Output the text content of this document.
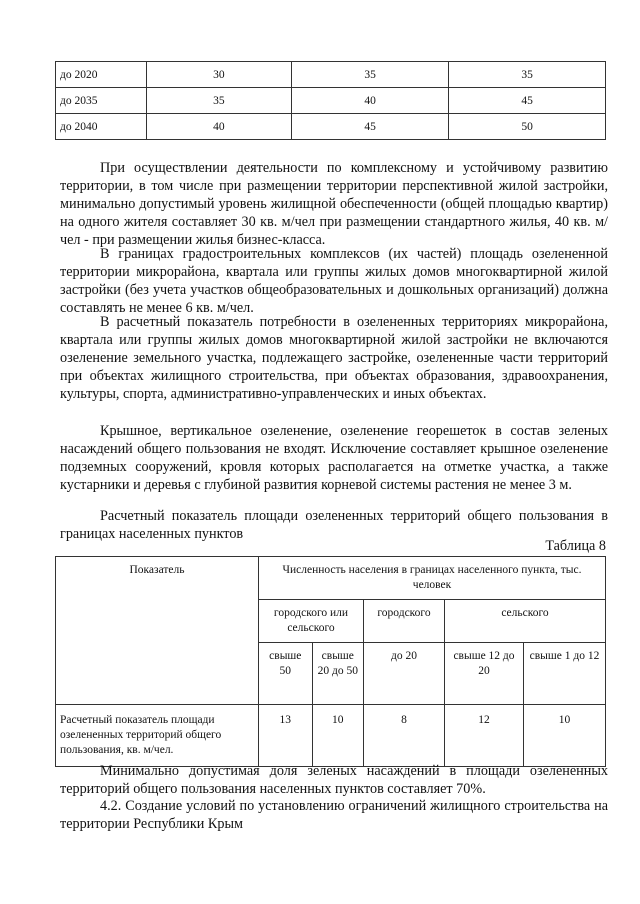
до 2020	30	35	35
до 2035	35	40	45
до 2040	40	45	50

При осуществлении деятельности по комплексному и устойчивому развитию территории, в том числе при размещении территории перспективной жилой застройки, минимально допустимый уровень жилищной обеспеченности (общей площадью квартир) на одного жителя составляет 30 кв. м/чел при размещении стандартного жилья, 40 кв. м/чел - при размещении жилья бизнес-класса.

В границах градостроительных комплексов (их частей) площадь озелененной территории микрорайона, квартала или группы жилых домов многоквартирной жилой застройки (без учета участков общеобразовательных и дошкольных организаций) должна составлять не менее 6 кв. м/чел.

В расчетный показатель потребности в озелененных территориях микрорайона, квартала или группы жилых домов многоквартирной жилой застройки не включаются озеленение земельного участка, подлежащего застройке, озелененные части территорий при объектах жилищного строительства, при объектах образования, здравоохранения, культуры, спорта, административно-управленческих и иных объектах.

Крышное, вертикальное озеленение, озеленение георешеток в состав зеленых насаждений общего пользования не входят. Исключение составляет крышное озеленение подземных сооружений, кровля которых располагается на отметке участка, а также кустарники и деревья с глубиной развития корневой системы растения не менее 3 м.

Расчетный показатель площади озелененных территорий общего пользования в границах населенных пунктов

Таблица 8
Показатель	Численность населения в границах населенного пункта, тыс. человек				
	городского или сельского		городского	сельского	
	свыше 50	свыше 20 до 50	до 20	свыше 12 до 20	свыше 1 до 12
Расчетный показатель площади озелененных территорий общего пользования, кв. м/чел.	13	10	8	12	10

Минимально допустимая доля зеленых насаждений в площади озелененных территорий общего пользования населенных пунктов составляет 70%.

4.2. Создание условий по установлению ограничений жилищного строительства на территории Республики Крым
